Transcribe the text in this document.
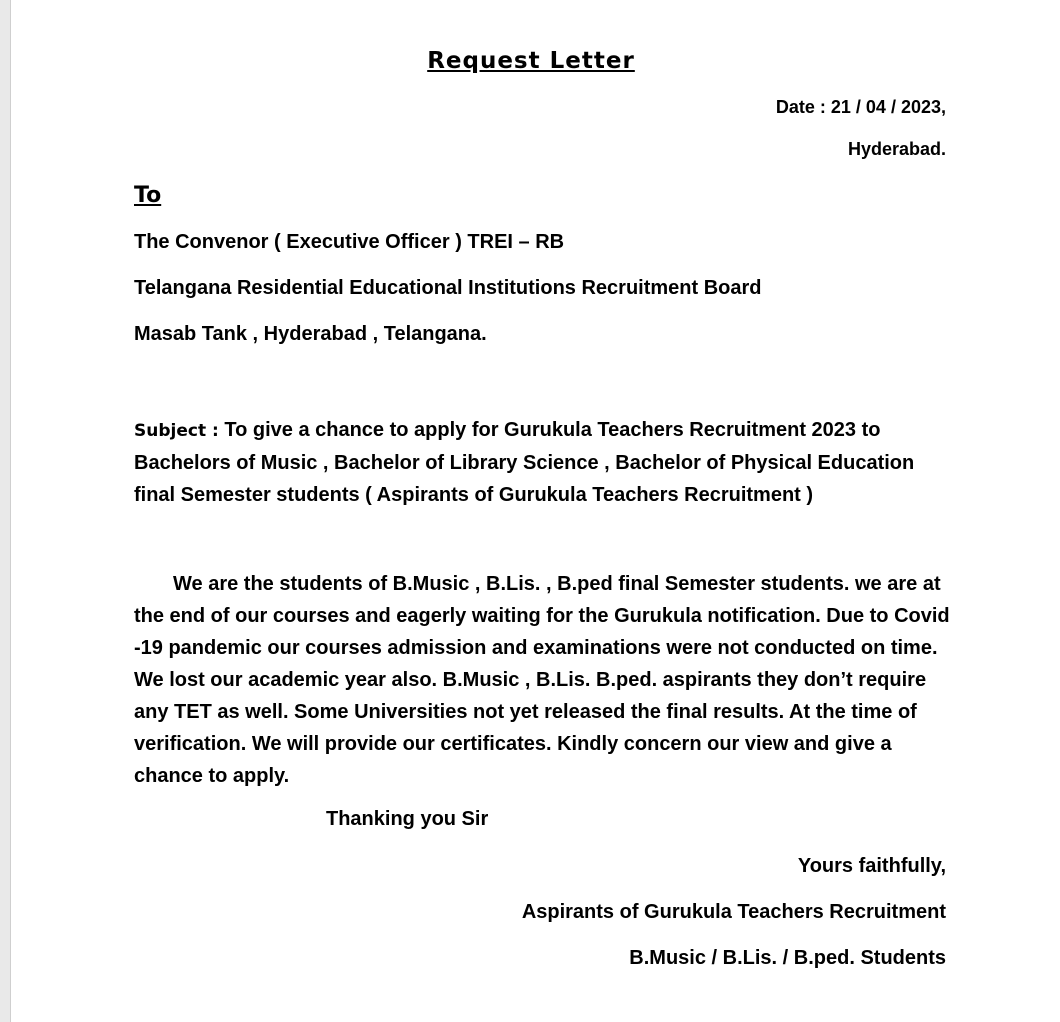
Request Letter
Date : 21 / 04 / 2023,
Hyderabad.
To
The Convenor ( Executive Officer ) TREI – RB
Telangana Residential Educational Institutions Recruitment Board
Masab Tank , Hyderabad , Telangana.
Subject : To give a chance to apply for Gurukula Teachers Recruitment 2023 to Bachelors of Music , Bachelor of Library Science , Bachelor of Physical Education final Semester students ( Aspirants of Gurukula Teachers Recruitment )
We are the students of B.Music , B.Lis. , B.ped final Semester students. we are at the end of our courses and eagerly waiting for the Gurukula notification. Due to Covid -19 pandemic our courses admission and examinations were not conducted on time. We lost our academic year also. B.Music , B.Lis. B.ped. aspirants they don’t require any TET as well. Some Universities not yet released the final results. At the time of verification. We will provide our certificates. Kindly concern our view and give a chance to apply.
Thanking you Sir
Yours faithfully,
Aspirants of Gurukula Teachers Recruitment
B.Music / B.Lis. / B.ped. Students
